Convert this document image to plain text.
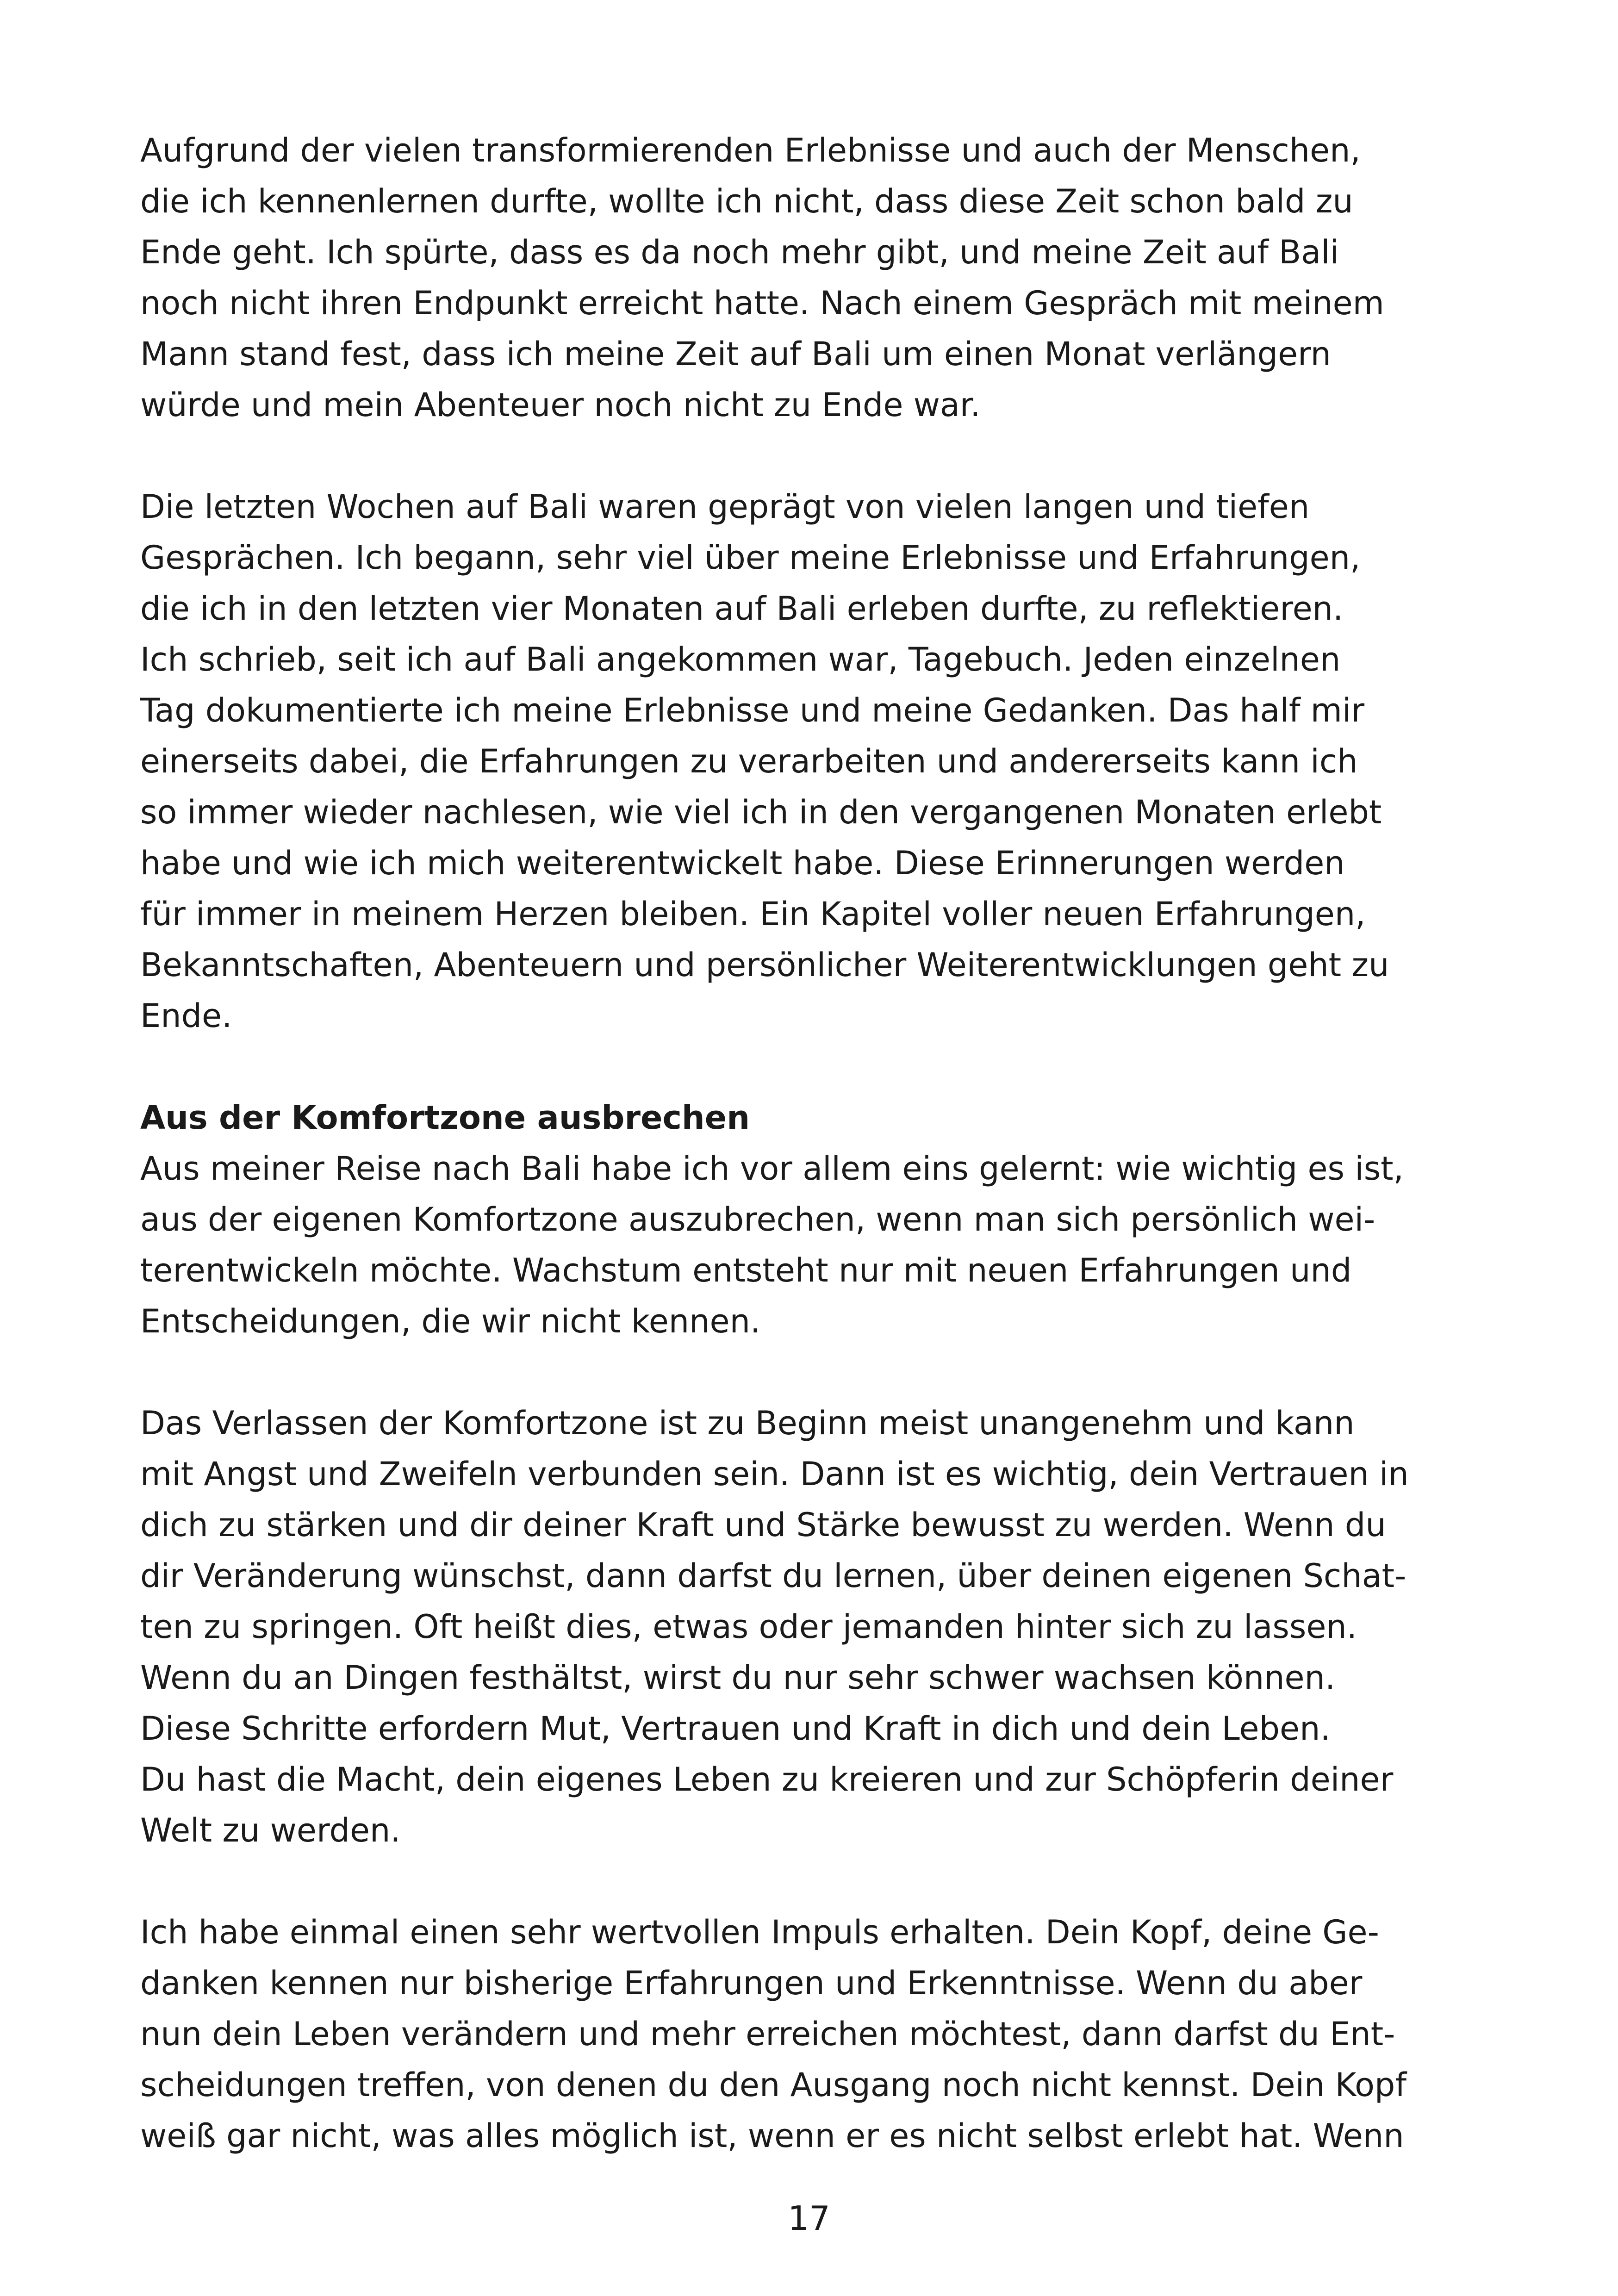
Aufgrund der vielen transformierenden Erlebnisse und auch der Menschen,
die ich kennenlernen durfte, wollte ich nicht, dass diese Zeit schon bald zu
Ende geht. Ich spürte, dass es da noch mehr gibt, und meine Zeit auf Bali
noch nicht ihren Endpunkt erreicht hatte. Nach einem Gespräch mit meinem
Mann stand fest, dass ich meine Zeit auf Bali um einen Monat verlängern
würde und mein Abenteuer noch nicht zu Ende war.
Die letzten Wochen auf Bali waren geprägt von vielen langen und tiefen
Gesprächen. Ich begann, sehr viel über meine Erlebnisse und Erfahrungen,
die ich in den letzten vier Monaten auf Bali erleben durfte, zu reflektieren.
Ich schrieb, seit ich auf Bali angekommen war, Tagebuch. Jeden einzelnen
Tag dokumentierte ich meine Erlebnisse und meine Gedanken. Das half mir
einerseits dabei, die Erfahrungen zu verarbeiten und andererseits kann ich
so immer wieder nachlesen, wie viel ich in den vergangenen Monaten erlebt
habe und wie ich mich weiterentwickelt habe. Diese Erinnerungen werden
für immer in meinem Herzen bleiben. Ein Kapitel voller neuen Erfahrungen,
Bekanntschaften, Abenteuern und persönlicher Weiterentwicklungen geht zu
Ende.
Aus der Komfortzone ausbrechen
Aus meiner Reise nach Bali habe ich vor allem eins gelernt: wie wichtig es ist,
aus der eigenen Komfortzone auszubrechen, wenn man sich persönlich wei-
terentwickeln möchte. Wachstum entsteht nur mit neuen Erfahrungen und
Entscheidungen, die wir nicht kennen.
Das Verlassen der Komfortzone ist zu Beginn meist unangenehm und kann
mit Angst und Zweifeln verbunden sein. Dann ist es wichtig, dein Vertrauen in
dich zu stärken und dir deiner Kraft und Stärke bewusst zu werden. Wenn du
dir Veränderung wünschst, dann darfst du lernen, über deinen eigenen Schat-
ten zu springen. Oft heißt dies, etwas oder jemanden hinter sich zu lassen.
Wenn du an Dingen festhältst, wirst du nur sehr schwer wachsen können.
Diese Schritte erfordern Mut, Vertrauen und Kraft in dich und dein Leben.
Du hast die Macht, dein eigenes Leben zu kreieren und zur Schöpferin deiner
Welt zu werden.
Ich habe einmal einen sehr wertvollen Impuls erhalten. Dein Kopf, deine Ge-
danken kennen nur bisherige Erfahrungen und Erkenntnisse. Wenn du aber
nun dein Leben verändern und mehr erreichen möchtest, dann darfst du Ent-
scheidungen treffen, von denen du den Ausgang noch nicht kennst. Dein Kopf
weiß gar nicht, was alles möglich ist, wenn er es nicht selbst erlebt hat. Wenn
17
